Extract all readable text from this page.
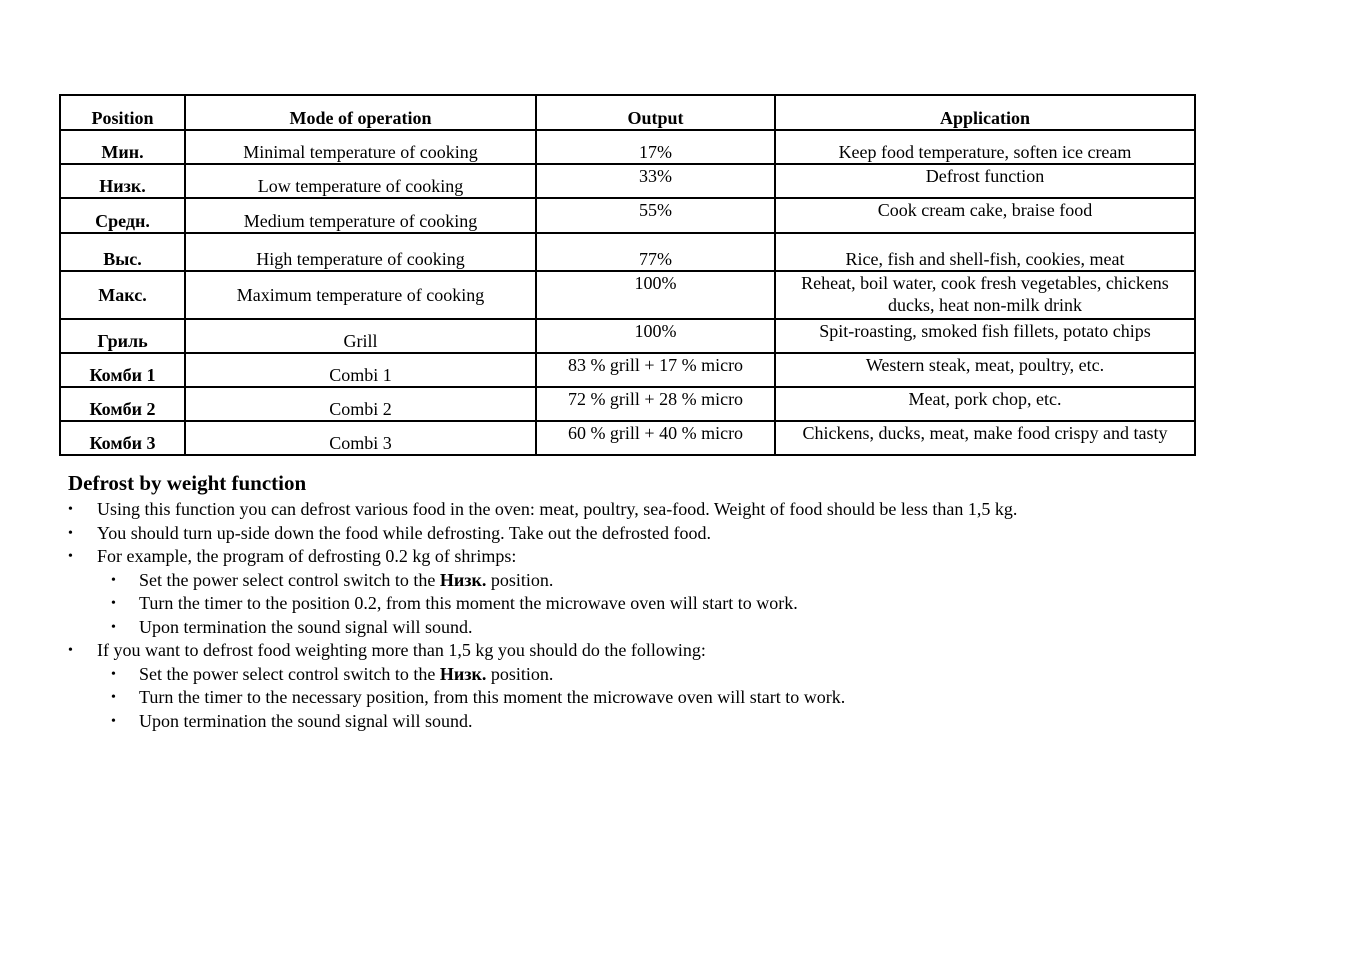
Position	Mode of operation	Output	Application
Мин.	Minimal temperature of cooking	17%	Keep food temperature, soften ice cream
Низк.	Low temperature of cooking	33%	Defrost function
Средн.	Medium temperature of cooking	55%	Cook cream cake, braise food
Выс.	High temperature of cooking	77%	Rice, fish and shell-fish, cookies, meat
Макс.	Maximum temperature of cooking	100%	Reheat, boil water, cook fresh vegetables, chickens ducks, heat non-milk drink
Гриль	Grill	100%	Spit-roasting, smoked fish fillets, potato chips
Комби 1	Combi 1	83 % grill + 17 % micro	Western steak, meat, poultry, etc.
Комби 2	Combi 2	72 % grill + 28 % micro	Meat, pork chop, etc.
Комби 3	Combi 3	60 % grill + 40 % micro	Chickens, ducks, meat, make food crispy and tasty
Defrost by weight function
• Using this function you can defrost various food in the oven: meat, poultry, sea-food. Weight of food should be less than 1,5 kg.
• You should turn up-side down the food while defrosting. Take out the defrosted food.
• For example, the program of defrosting 0.2 kg of shrimps:
• Set the power select control switch to the Низк. position.
• Turn the timer to the position 0.2, from this moment the microwave oven will start to work.
• Upon termination the sound signal will sound.
• If you want to defrost food weighting more than 1,5 kg you should do the following:
• Set the power select control switch to the Низк. position.
• Turn the timer to the necessary position, from this moment the microwave oven will start to work.
• Upon termination the sound signal will sound.
